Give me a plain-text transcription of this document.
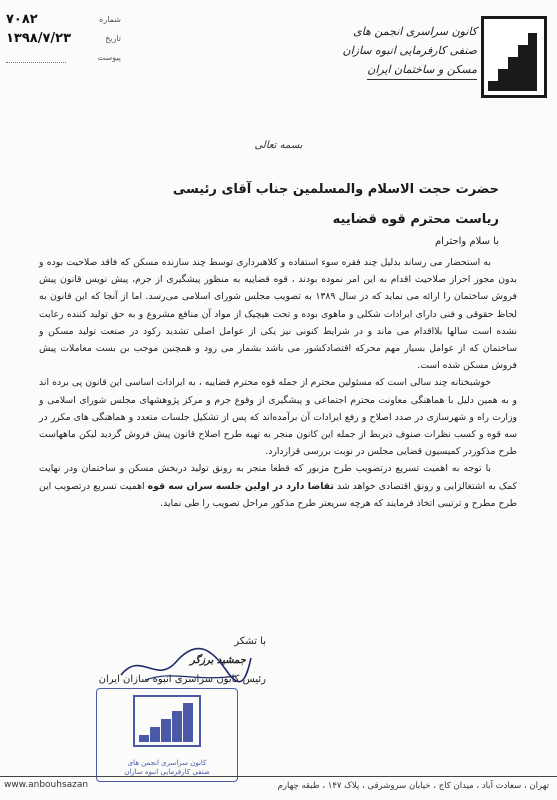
کانون سراسری انجمن های
صنفی کارفرمایی انبوه سازان
مسکن و ساختمان ایران
۷۰۸۲	شماره
۱۳۹۸/۷/۲۳	تاریخ
پیوست
بسمه تعالی
حضرت حجت الاسلام والمسلمین جناب آقای رئیسی
ریاست محترم قوه قضاییه
با سلام واحترام

به استحضار می رساند بدلیل چند فقره سوء استفاده و کلاهبرداری توسط چند سازنده مسکن که فاقد صلاحیت بوده و بدون مجوز احراز صلاحیت اقدام به این امر نموده بودند ، قوه قضاییه به منظور پیشگیری از جرم، پیش نویس قانون پیش فروش ساختمان را ارائه می نماید که در سال ۱۳۸۹ به تصویب مجلس شورای اسلامی می‌رسد. اما از آنجا که این قانون به لحاظ حقوقی و فنی دارای ایرادات شکلی و ماهوی بوده و تحت هیچیک از مواد آن منافع مشروع و به حق تولید کننده رعایت نشده است سالها بلااقدام می ماند و در شرایط کنونی نیز یکی از عوامل اصلی تشدید رکود در صنعت تولید مسکن و ساختمان که از عوامل بسیار مهم محرکه اقتصادکشور می باشد بشمار می رود و همچنین موجب بن بست معاملات پیش فروش مسکن شده است.

خوشبختانه چند سالی است که مسئولین محترم از جمله قوه محترم قضاییه ، به ایرادات اساسی این قانون پی برده اند و به همین دلیل با هماهنگی معاونت محترم اجتماعی و پیشگیری از وقوع جرم و مرکز پژوهشهای مجلس شورای اسلامی و وزارت راه و شهرسازی در صدد اصلاح و رفع ایرادات آن برآمده‌اند که پس از تشکیل جلسات متعدد و هماهنگی های مکرر در سه قوه و کسب نظرات صنوف ذیربط از جمله این کانون منجر به تهیه طرح اصلاح قانون پیش فروش گردید لیکن ماههاست طرح مذکوردر کمیسیون قضایی مجلس در نوبت بررسی قراردارد.

با توجه به اهمیت تسریع درتصویب طرح مزبور که قطعا منجر به رونق تولید دربخش مسکن و ساختمان ودر نهایت کمک به اشتغالزایی و رونق اقتصادی خواهد شد تقاضا دارد در اولین جلسه سران سه قوه اهمیت تسریع درتصویب این طرح مطرح و ترتیبی اتخاذ فرمایند که هرچه سریعتر طرح مذکور مراحل تصویب را طی نماید.

با تشکر
جمشید برزگر
رئیس کانون سراسری انبوه سازان ایران
کانون سراسری انجمن های
صنفی کارفرمایی انبوه سازان
www.anbouhsazan	تهران ، سعادت آباد ، میدان کاج ، خیابان سروشرقی ، پلاک ۱۴۷ ، طبقه چهارم
